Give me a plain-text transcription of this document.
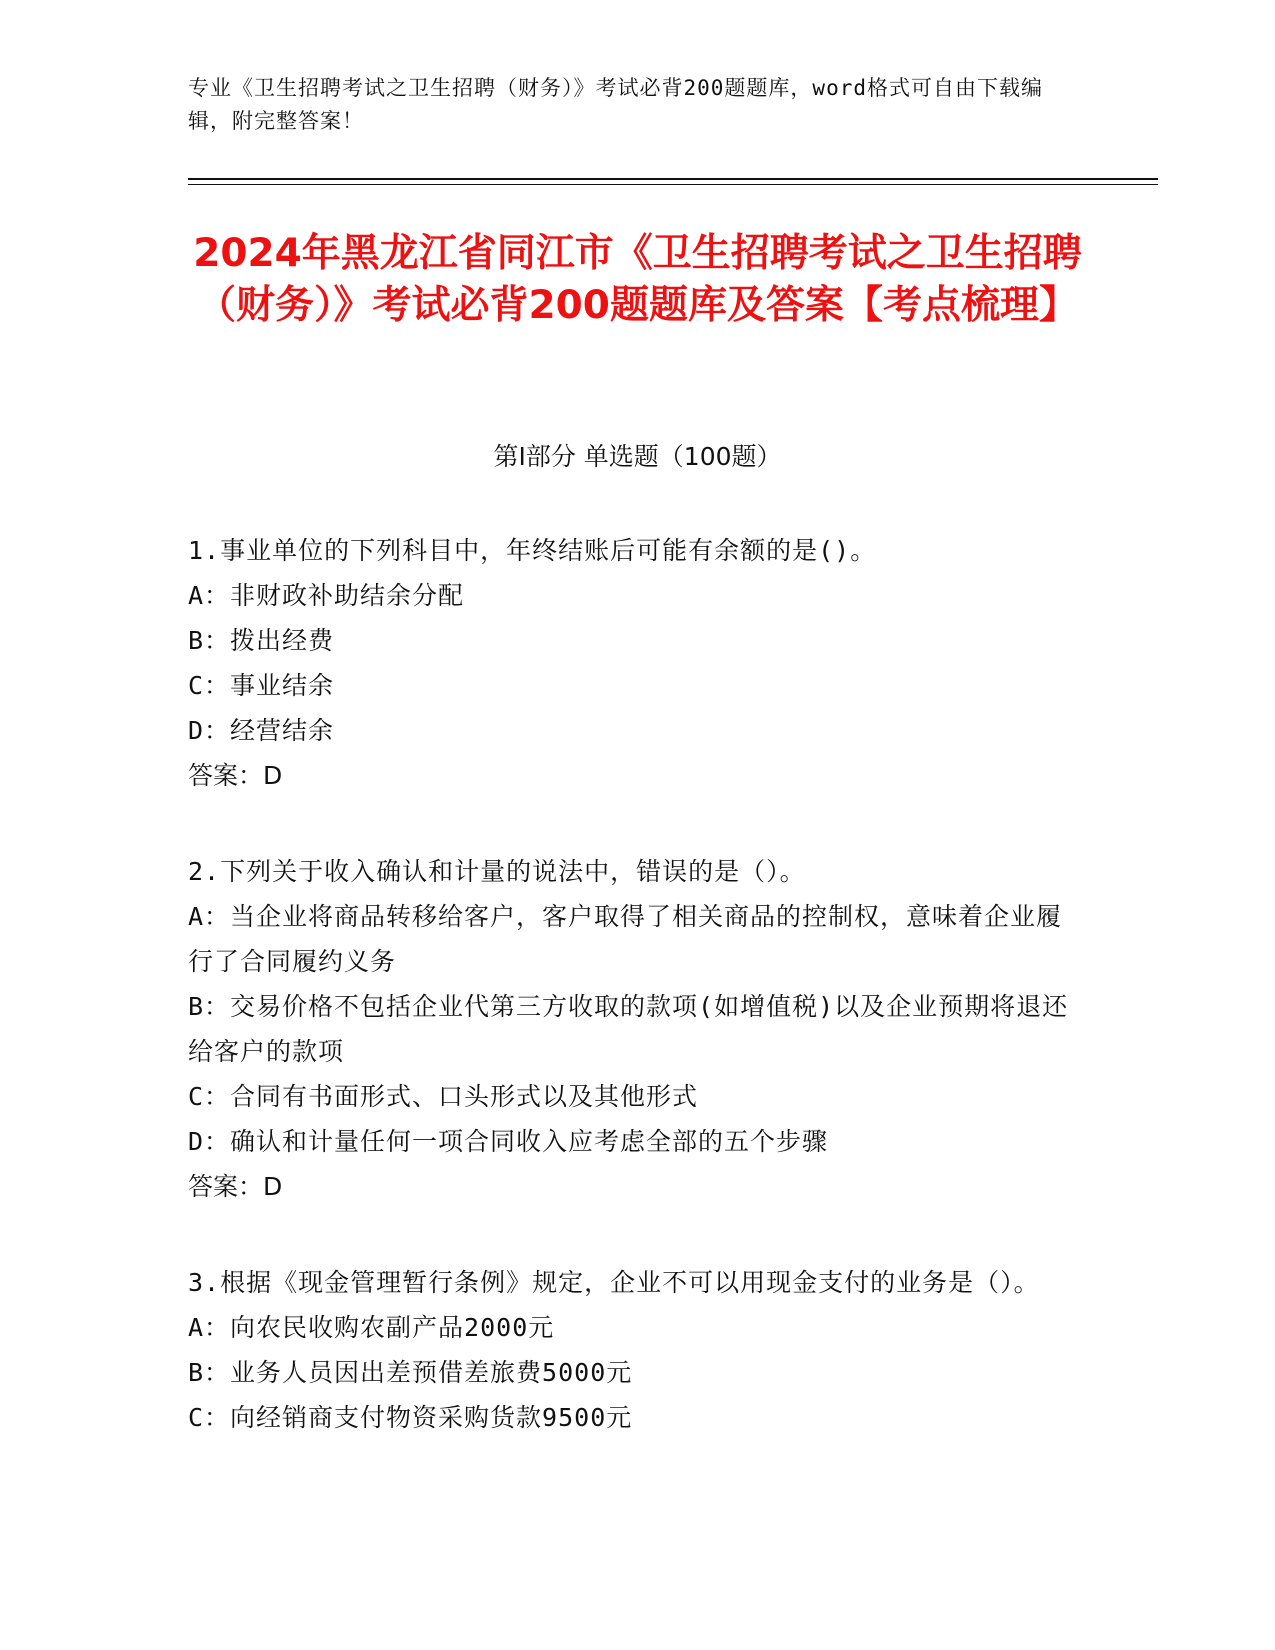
专业《卫生招聘考试之卫生招聘（财务）》考试必背200题题库，word格式可自由下载编辑，附完整答案！
2024年黑龙江省同江市《卫生招聘考试之卫生招聘（财务）》考试必背200题题库及答案【考点梳理】
第Ⅰ部分 单选题（100题）

1.事业单位的下列科目中，年终结账后可能有余额的是()。

A：非财政补助结余分配

B：拨出经费

C：事业结余

D：经营结余

答案：D

2.下列关于收入确认和计量的说法中，错误的是（）。

A：当企业将商品转移给客户，客户取得了相关商品的控制权，意味着企业履行了合同履约义务

B：交易价格不包括企业代第三方收取的款项(如增值税)以及企业预期将退还给客户的款项

C：合同有书面形式、口头形式以及其他形式

D：确认和计量任何一项合同收入应考虑全部的五个步骤

答案：D

3.根据《现金管理暂行条例》规定，企业不可以用现金支付的业务是（）。

A：向农民收购农副产品2000元

B：业务人员因出差预借差旅费5000元

C：向经销商支付物资采购货款9500元
